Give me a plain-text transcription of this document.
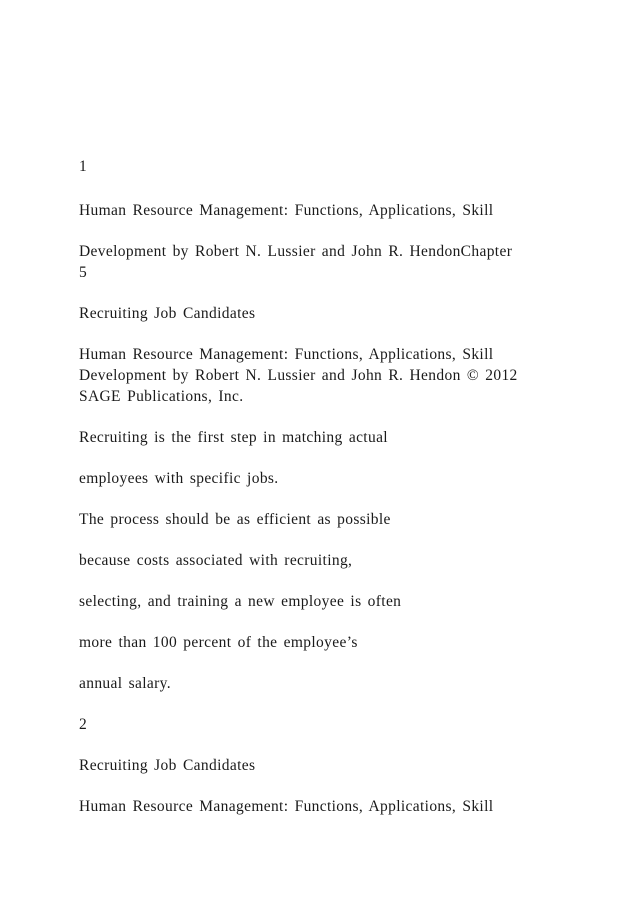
1
Human Resource Management: Functions, Applications, Skill
Development by Robert N. Lussier and John R. HendonChapter
5
Recruiting Job Candidates
Human Resource Management: Functions, Applications, Skill
Development by Robert N. Lussier and John R. Hendon © 2012
SAGE Publications, Inc.
Recruiting is the first step in matching actual
employees with specific jobs.
The process should be as efficient as possible
because costs associated with recruiting,
selecting, and training a new employee is often
more than 100 percent of the employee’s
annual salary.
2
Recruiting Job Candidates
Human Resource Management: Functions, Applications, Skill
